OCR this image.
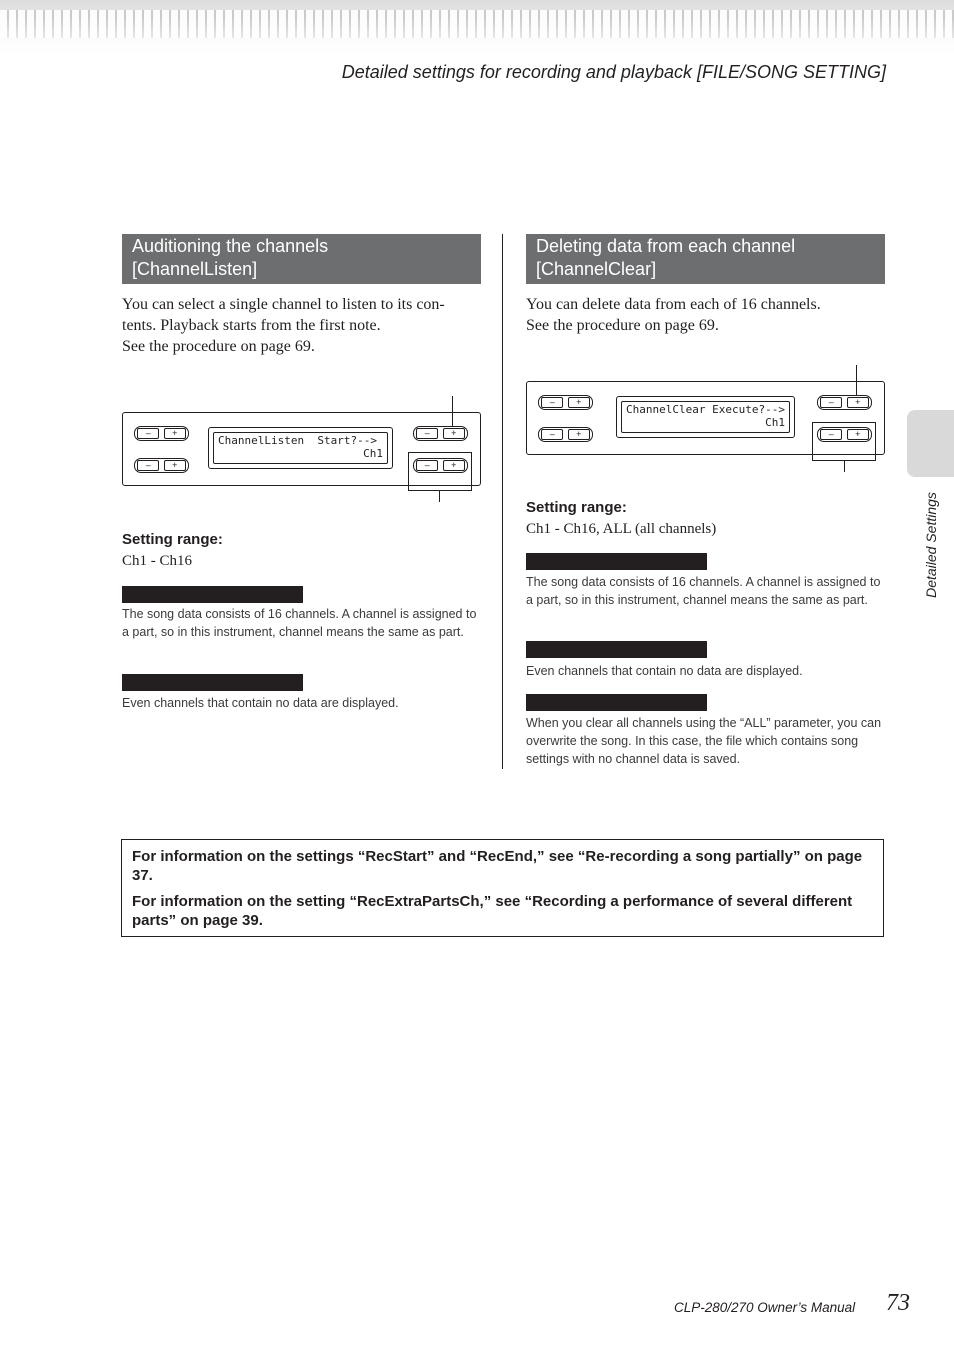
Detailed settings for recording and playback [FILE/SONG SETTING]
Auditioning the channels
[ChannelListen]

You can select a single channel to listen to its con-
tents. Playback starts from the first note.
See the procedure on page 69.

–	+
–	+
ChannelListen  Start?-->
Ch1
–	+
–	+
Setting range:
Ch1 - Ch16

The song data consists of 16 channels. A channel is assigned to a part, so in this instrument, channel means the same as part.

Even channels that contain no data are displayed.

Deleting data from each channel
[ChannelClear]

You can delete data from each of 16 channels.
See the procedure on page 69.

–	+
–	+
ChannelClear Execute?-->
Ch1
–	+
–	+
Setting range:
Ch1 - Ch16, ALL (all channels)

The song data consists of 16 channels. A channel is assigned to a part, so in this instrument, channel means the same as part.

Even channels that contain no data are displayed.

When you clear all channels using the “ALL” parameter, you can overwrite the song. In this case, the file which contains song settings with no channel data is saved.

For information on the settings “RecStart” and “RecEnd,” see “Re-recording a song partially” on page 37.

For information on the setting “RecExtraPartsCh,” see “Recording a performance of several different parts” on page 39.

Detailed Settings
CLP-280/270 Owner’s Manual 73
